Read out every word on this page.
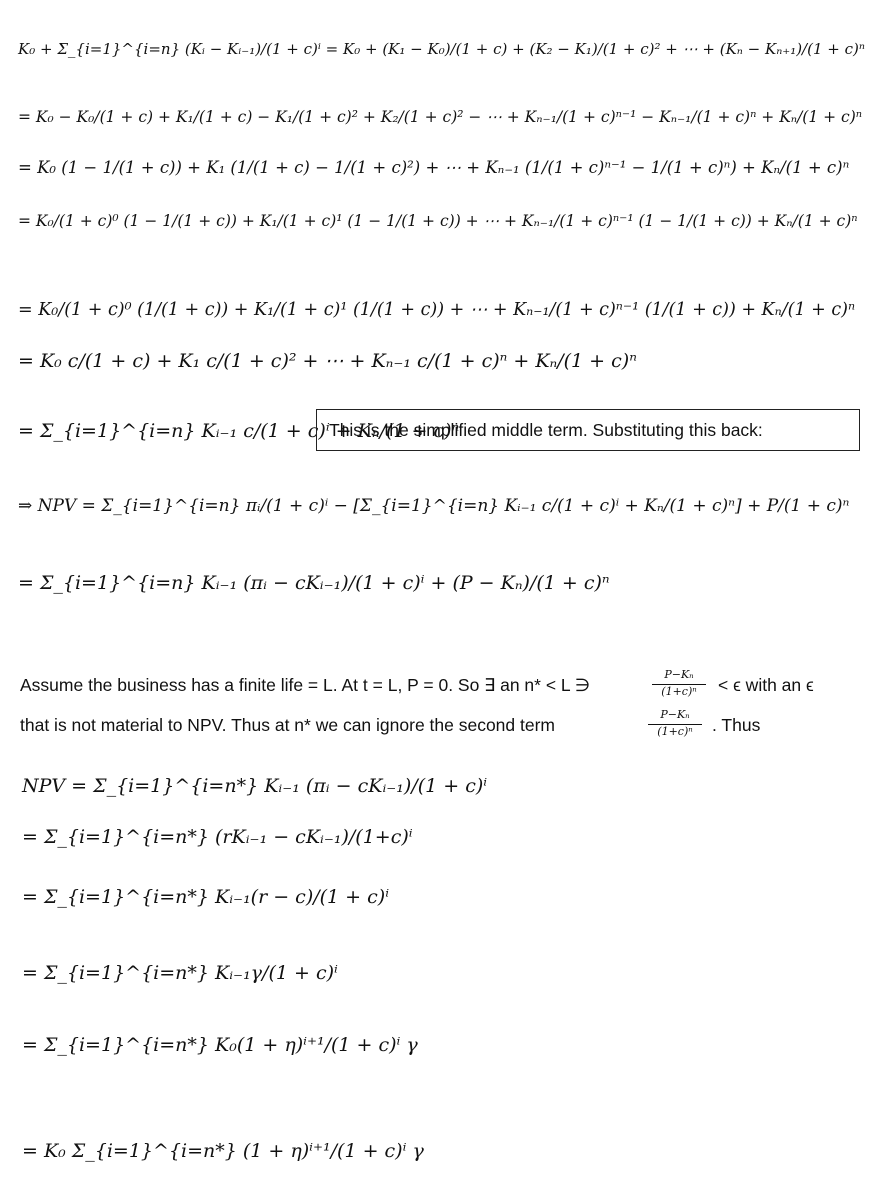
K₀ + Σ_{i=1}^{i=n} (Kᵢ − Kᵢ₋₁)/(1 + c)ⁱ = K₀ + (K₁ − K₀)/(1 + c) + (K₂ − K₁)/(1 + c)² + ⋯ + (Kₙ − Kₙ₊₁)/(1 + c)ⁿ
= K₀ − K₀/(1 + c) + K₁/(1 + c) − K₁/(1 + c)² + K₂/(1 + c)² − ⋯ + Kₙ₋₁/(1 + c)ⁿ⁻¹ − Kₙ₋₁/(1 + c)ⁿ + Kₙ/(1 + c)ⁿ
= K₀ (1 − 1/(1 + c)) + K₁ (1/(1 + c) − 1/(1 + c)²) + ⋯ + Kₙ₋₁ (1/(1 + c)ⁿ⁻¹ − 1/(1 + c)ⁿ) + Kₙ/(1 + c)ⁿ
= K₀/(1 + c)⁰ (1 − 1/(1 + c)) + K₁/(1 + c)¹ (1 − 1/(1 + c)) + ⋯ + Kₙ₋₁/(1 + c)ⁿ⁻¹ (1 − 1/(1 + c)) + Kₙ/(1 + c)ⁿ
= K₀/(1 + c)⁰ (1/(1 + c)) + K₁/(1 + c)¹ (1/(1 + c)) + ⋯ + Kₙ₋₁/(1 + c)ⁿ⁻¹ (1/(1 + c)) + Kₙ/(1 + c)ⁿ
= K₀ c/(1 + c) + K₁ c/(1 + c)² + ⋯ + Kₙ₋₁ c/(1 + c)ⁿ + Kₙ/(1 + c)ⁿ
= Σ_{i=1}^{i=n} Kᵢ₋₁ c/(1 + c)ⁱ + Kₙ/(1 + c)ⁿ
This is the simplified middle term. Substituting this back:
⇒ NPV = Σ_{i=1}^{i=n} πᵢ/(1 + c)ⁱ − [Σ_{i=1}^{i=n} Kᵢ₋₁ c/(1 + c)ⁱ + Kₙ/(1 + c)ⁿ] + P/(1 + c)ⁿ
= Σ_{i=1}^{i=n} Kᵢ₋₁ (πᵢ − cKᵢ₋₁)/(1 + c)ⁱ + (P − Kₙ)/(1 + c)ⁿ
Assume the business has a finite life = L. At t = L, P = 0. So ∃ an n* < L ∋
P−Kₙ
(1+c)ⁿ	< ϵ with an ϵ
that is not material to NPV. Thus at n* we can ignore the second term
P−Kₙ
(1+c)ⁿ	. Thus
NPV = Σ_{i=1}^{i=n*} Kᵢ₋₁ (πᵢ − cKᵢ₋₁)/(1 + c)ⁱ
= Σ_{i=1}^{i=n*} (rKᵢ₋₁ − cKᵢ₋₁)/(1+c)ⁱ
= Σ_{i=1}^{i=n*} Kᵢ₋₁(r − c)/(1 + c)ⁱ
= Σ_{i=1}^{i=n*} Kᵢ₋₁γ/(1 + c)ⁱ
= Σ_{i=1}^{i=n*} K₀(1 + η)ⁱ⁺¹/(1 + c)ⁱ γ
= K₀ Σ_{i=1}^{i=n*} (1 + η)ⁱ⁺¹/(1 + c)ⁱ γ
